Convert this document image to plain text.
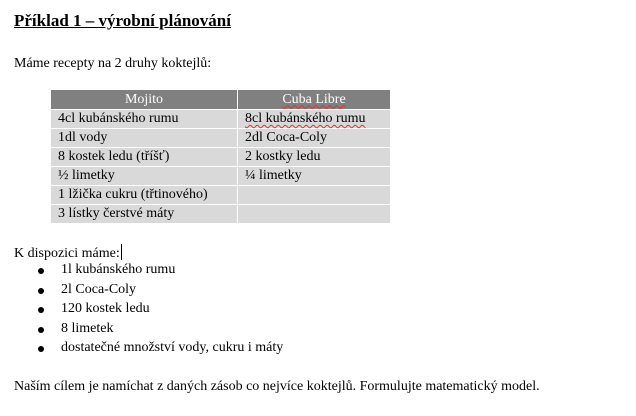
Příklad 1 – výrobní plánování
Máme recepty na 2 druhy koktejlů:
Mojito	Cuba Libre
4cl kubánského rumu	8cl kubánského rumu
1dl vody	2dl Coca-Coly
8 kostek ledu (tříšť)	2 kostky ledu
½ limetky	¼ limetky
1 lžička cukru (třtinového)	
3 lístky čerstvé máty	
K dispozici máme:
1l kubánského rumu
2l Coca-Coly
120 kostek ledu
8 limetek
dostatečné množství vody, cukru i máty
Naším cílem je namíchat z daných zásob co nejvíce koktejlů. Formulujte matematický model.
